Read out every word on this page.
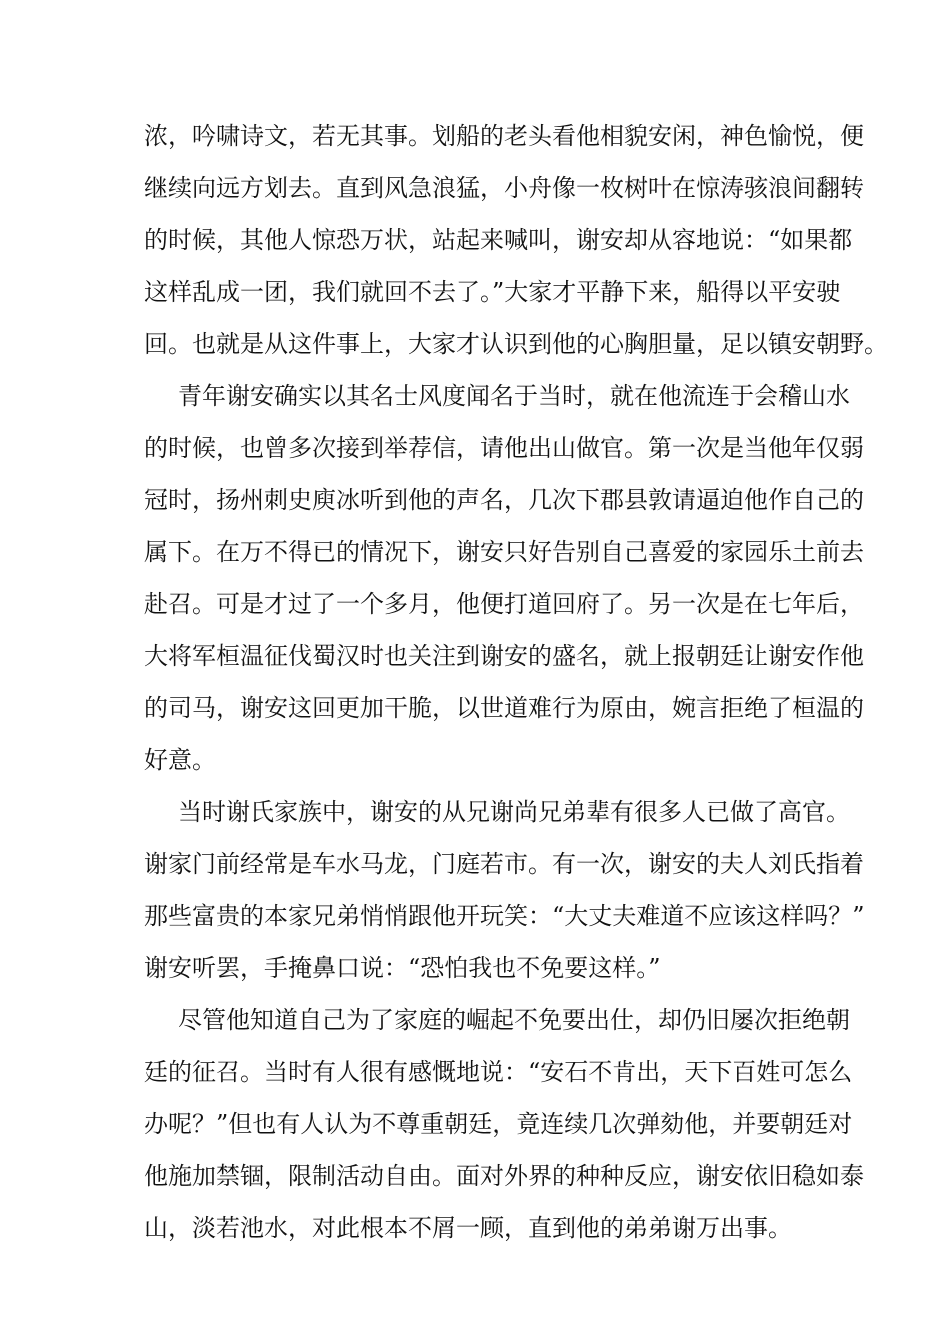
浓，吟啸诗文，若无其事。划船的老头看他相貌安闲，神色愉悦，便
继续向远方划去。直到风急浪猛，小舟像一枚树叶在惊涛骇浪间翻转
的时候，其他人惊恐万状，站起来喊叫，谢安却从容地说：“如果都
这样乱成一团，我们就回不去了。”大家才平静下来，船得以平安驶
回。也就是从这件事上，大家才认识到他的心胸胆量，足以镇安朝野。
青年谢安确实以其名士风度闻名于当时，就在他流连于会稽山水
的时候，也曾多次接到举荐信，请他出山做官。第一次是当他年仅弱
冠时，扬州刺史庾冰听到他的声名，几次下郡县敦请逼迫他作自己的
属下。在万不得已的情况下，谢安只好告别自己喜爱的家园乐土前去
赴召。可是才过了一个多月，他便打道回府了。另一次是在七年后，
大将军桓温征伐蜀汉时也关注到谢安的盛名，就上报朝廷让谢安作他
的司马，谢安这回更加干脆，以世道难行为原由，婉言拒绝了桓温的
好意。
当时谢氏家族中，谢安的从兄谢尚兄弟辈有很多人已做了高官。
谢家门前经常是车水马龙，门庭若市。有一次，谢安的夫人刘氏指着
那些富贵的本家兄弟悄悄跟他开玩笑：“大丈夫难道不应该这样吗？”
谢安听罢，手掩鼻口说：“恐怕我也不免要这样。”
尽管他知道自己为了家庭的崛起不免要出仕，却仍旧屡次拒绝朝
廷的征召。当时有人很有感慨地说：“安石不肯出，天下百姓可怎么
办呢？”但也有人认为不尊重朝廷，竟连续几次弹劾他，并要朝廷对
他施加禁锢，限制活动自由。面对外界的种种反应，谢安依旧稳如泰
山，淡若池水，对此根本不屑一顾，直到他的弟弟谢万出事。
